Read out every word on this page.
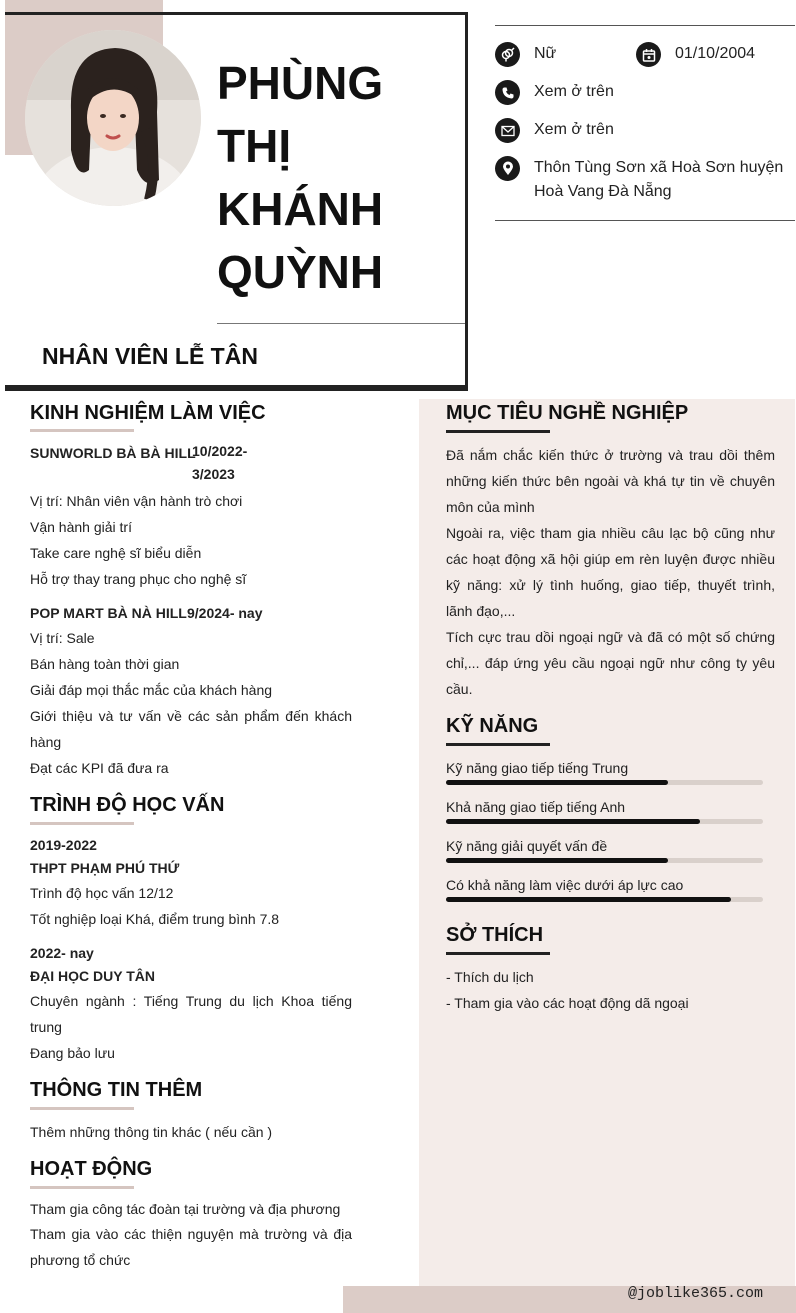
PHÙNG
THỊ
KHÁNH
QUỲNH
NHÂN VIÊN LỄ TÂN
Nữ	01/10/2004
Xem ở trên
Xem ở trên
Thôn Tùng Sơn xã Hoà Sơn huyện Hoà Vang Đà Nẵng
KINH NGHIỆM LÀM VIỆC
SUNWORLD BÀ BÀ HILL
10/2022-
3/2023
Vị trí: Nhân viên vận hành trò chơi
Vận hành giải trí
Take care nghệ sĩ biểu diễn
Hỗ trợ thay trang phục cho nghệ sĩ
POP MART BÀ NÀ HILL 9/2024- nay
Vị trí: Sale
Bán hàng toàn thời gian
Giải đáp mọi thắc mắc của khách hàng
Giới thiệu và tư vấn về các sản phẩm đến khách hàng
Đạt các KPI đã đưa ra
TRÌNH ĐỘ HỌC VẤN
2019-2022
THPT PHẠM PHÚ THỨ
Trình độ học vấn 12/12
Tốt nghiệp loại Khá, điểm trung bình 7.8
2022- nay
ĐẠI HỌC DUY TÂN
Chuyên ngành : Tiếng Trung du lịch Khoa tiếng trung
Đang bảo lưu
THÔNG TIN THÊM
Thêm những thông tin khác ( nếu cần )
HOẠT ĐỘNG
Tham gia công tác đoàn tại trường và địa phương
Tham gia vào các thiện nguyện mà trường và địa phương tổ chức
MỤC TIÊU NGHỀ NGHIỆP
Đã nắm chắc kiến thức ở trường và trau dồi thêm những kiến thức bên ngoài và khá tự tin về chuyên môn của mình
Ngoài ra, việc tham gia nhiều câu lạc bộ cũng như các hoạt động xã hội giúp em rèn luyện được nhiều kỹ năng: xử lý tình huống, giao tiếp, thuyết trình, lãnh đạo,...
Tích cực trau dồi ngoại ngữ và đã có một số chứng chỉ,... đáp ứng yêu cầu ngoại ngữ như công ty yêu cầu.
KỸ NĂNG
Kỹ năng giao tiếp tiếng Trung
Khả năng giao tiếp tiếng Anh
Kỹ năng giải quyết vấn đề
Có khả năng làm việc dưới áp lực cao
SỞ THÍCH
- Thích du lịch
- Tham gia vào các hoạt động dã ngoại
@joblike365.com
